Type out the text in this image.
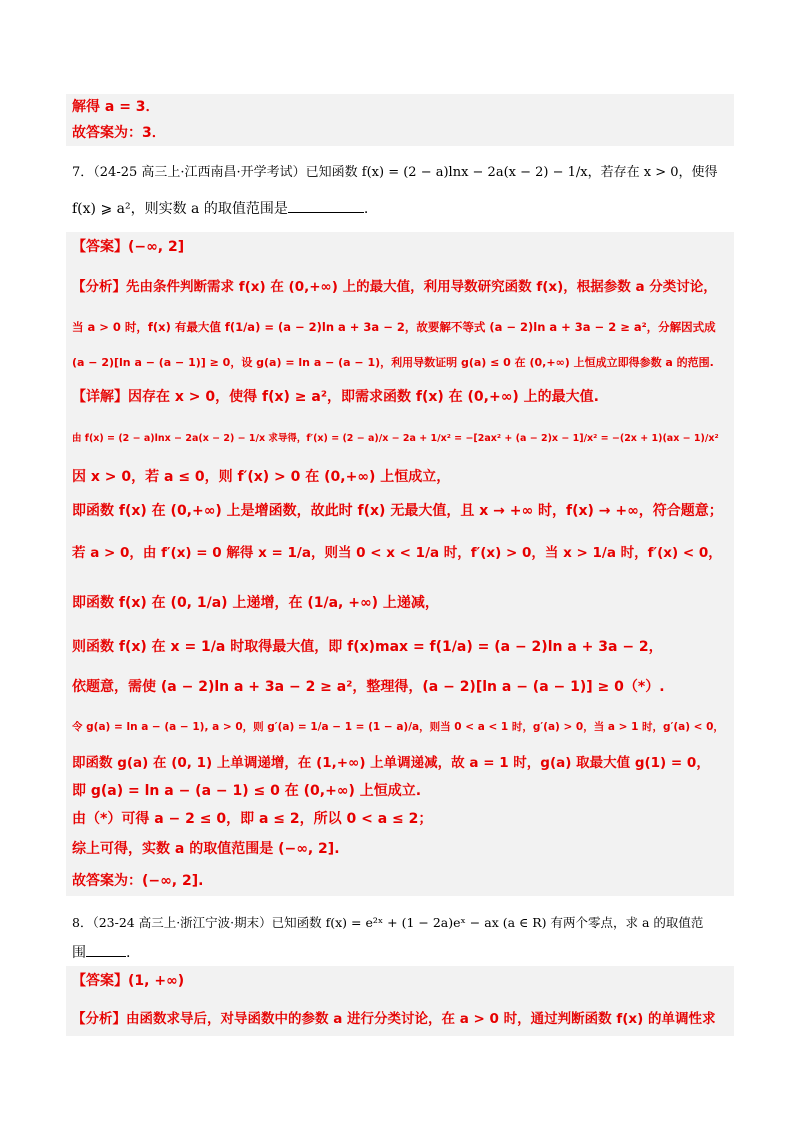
解得 a = 3．
故答案为：3．
7．（24-25 高三上·江西南昌·开学考试）已知函数 f(x) = (2 − a)lnx − 2a(x − 2) − 1/x，若存在 x > 0，使得
f(x) ⩾ a²，则实数 a 的取值范围是	.
【答案】(−∞, 2]
【分析】先由条件判断需求 f(x) 在 (0,+∞) 上的最大值，利用导数研究函数 f(x)，根据参数 a 分类讨论，
当 a > 0 时，f(x) 有最大值 f(1/a) = (a − 2)ln a + 3a − 2，故要解不等式 (a − 2)ln a + 3a − 2 ≥ a²，分解因式成
(a − 2)[ln a − (a − 1)] ≥ 0，设 g(a) = ln a − (a − 1)，利用导数证明 g(a) ≤ 0 在 (0,+∞) 上恒成立即得参数 a 的范围.
【详解】因存在 x > 0，使得 f(x) ≥ a²，即需求函数 f(x) 在 (0,+∞) 上的最大值.
由 f(x) = (2 − a)lnx − 2a(x − 2) − 1/x 求导得，f′(x) = (2 − a)/x − 2a + 1/x² = −[2ax² + (a − 2)x − 1]/x² = −(2x + 1)(ax − 1)/x²
因 x > 0，若 a ≤ 0，则 f′(x) > 0 在 (0,+∞) 上恒成立，
即函数 f(x) 在 (0,+∞) 上是增函数，故此时 f(x) 无最大值，且 x → +∞ 时，f(x) → +∞，符合题意；
若 a > 0，由 f′(x) = 0 解得 x = 1/a，则当 0 < x < 1/a 时，f′(x) > 0，当 x > 1/a 时，f′(x) < 0，
即函数 f(x) 在 (0, 1/a) 上递增，在 (1/a, +∞) 上递减，
则函数 f(x) 在 x = 1/a 时取得最大值，即 f(x)max = f(1/a) = (a − 2)ln a + 3a − 2，
依题意，需使 (a − 2)ln a + 3a − 2 ≥ a²，整理得，(a − 2)[ln a − (a − 1)] ≥ 0（*）.
令 g(a) = ln a − (a − 1), a > 0，则 g′(a) = 1/a − 1 = (1 − a)/a，则当 0 < a < 1 时，g′(a) > 0，当 a > 1 时，g′(a) < 0，
即函数 g(a) 在 (0, 1) 上单调递增，在 (1,+∞) 上单调递减，故 a = 1 时，g(a) 取最大值 g(1) = 0，
即 g(a) = ln a − (a − 1) ≤ 0 在 (0,+∞) 上恒成立.
由（*）可得 a − 2 ≤ 0，即 a ≤ 2，所以 0 < a ≤ 2；
综上可得，实数 a 的取值范围是 (−∞, 2].
故答案为：(−∞, 2].
8．（23-24 高三上·浙江宁波·期末）已知函数 f(x) = e²ˣ + (1 − 2a)eˣ − ax (a ∈ R) 有两个零点，求 a 的取值范
围	.
【答案】(1, +∞)
【分析】由函数求导后，对导函数中的参数 a 进行分类讨论，在 a > 0 时，通过判断函数 f(x) 的单调性求
